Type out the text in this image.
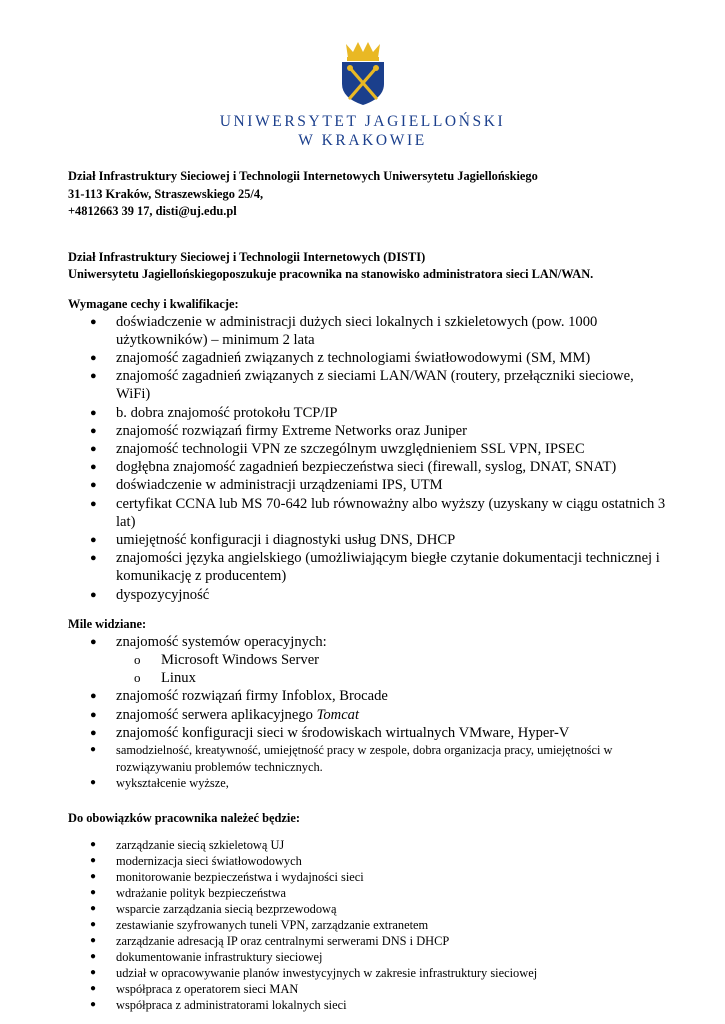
UNIWERSYTET JAGIELLOŃSKI
W KRAKOWIE
Dział Infrastruktury Sieciowej i Technologii Internetowych Uniwersytetu Jagiellońskiego
31-113 Kraków, Straszewskiego 25/4,
+4812663 39 17, disti@uj.edu.pl
Dział Infrastruktury Sieciowej i Technologii Internetowych (DISTI)
Uniwersytetu Jagiellońskiegoposzukuje pracownika na stanowisko administratora sieci LAN/WAN.
Wymagane cechy i kwalifikacje:
● doświadczenie w administracji dużych sieci lokalnych i szkieletowych (pow. 1000 użytkowników) – minimum 2 lata
● znajomość zagadnień związanych z technologiami światłowodowymi (SM, MM)
● znajomość zagadnień związanych z sieciami LAN/WAN (routery, przełączniki sieciowe, WiFi)
● b. dobra znajomość protokołu TCP/IP
● znajomość rozwiązań firmy Extreme Networks oraz Juniper
● znajomość technologii VPN ze szczególnym uwzględnieniem SSL VPN, IPSEC
● dogłębna znajomość zagadnień bezpieczeństwa sieci (firewall, syslog, DNAT, SNAT)
● doświadczenie w administracji urządzeniami IPS, UTM
● certyfikat CCNA lub MS 70-642 lub równoważny albo wyższy (uzyskany w ciągu ostatnich 3 lat)
● umiejętność konfiguracji i diagnostyki usług DNS, DHCP
● znajomości języka angielskiego (umożliwiającym biegłe czytanie dokumentacji technicznej i komunikację z producentem)
● dyspozycyjność
Mile widziane:
● znajomość systemów operacyjnych:
o Microsoft Windows Server
o Linux
● znajomość rozwiązań firmy Infoblox, Brocade
● znajomość serwera aplikacyjnego Tomcat
● znajomość konfiguracji sieci w środowiskach wirtualnych VMware, Hyper-V
● samodzielność, kreatywność, umiejętność pracy w zespole, dobra organizacja pracy, umiejętności w rozwiązywaniu problemów technicznych.
● wykształcenie wyższe,
Do obowiązków pracownika należeć będzie:
● zarządzanie siecią szkieletową UJ
● modernizacja sieci światłowodowych
● monitorowanie bezpieczeństwa i wydajności sieci
● wdrażanie polityk bezpieczeństwa
● wsparcie zarządzania siecią bezprzewodową
● zestawianie szyfrowanych tuneli VPN, zarządzanie extranetem
● zarządzanie adresacją IP oraz centralnymi serwerami DNS i DHCP
● dokumentowanie infrastruktury sieciowej
● udział w opracowywanie planów inwestycyjnych w zakresie infrastruktury sieciowej
● współpraca z operatorem sieci MAN
● współpraca z administratorami lokalnych sieci
